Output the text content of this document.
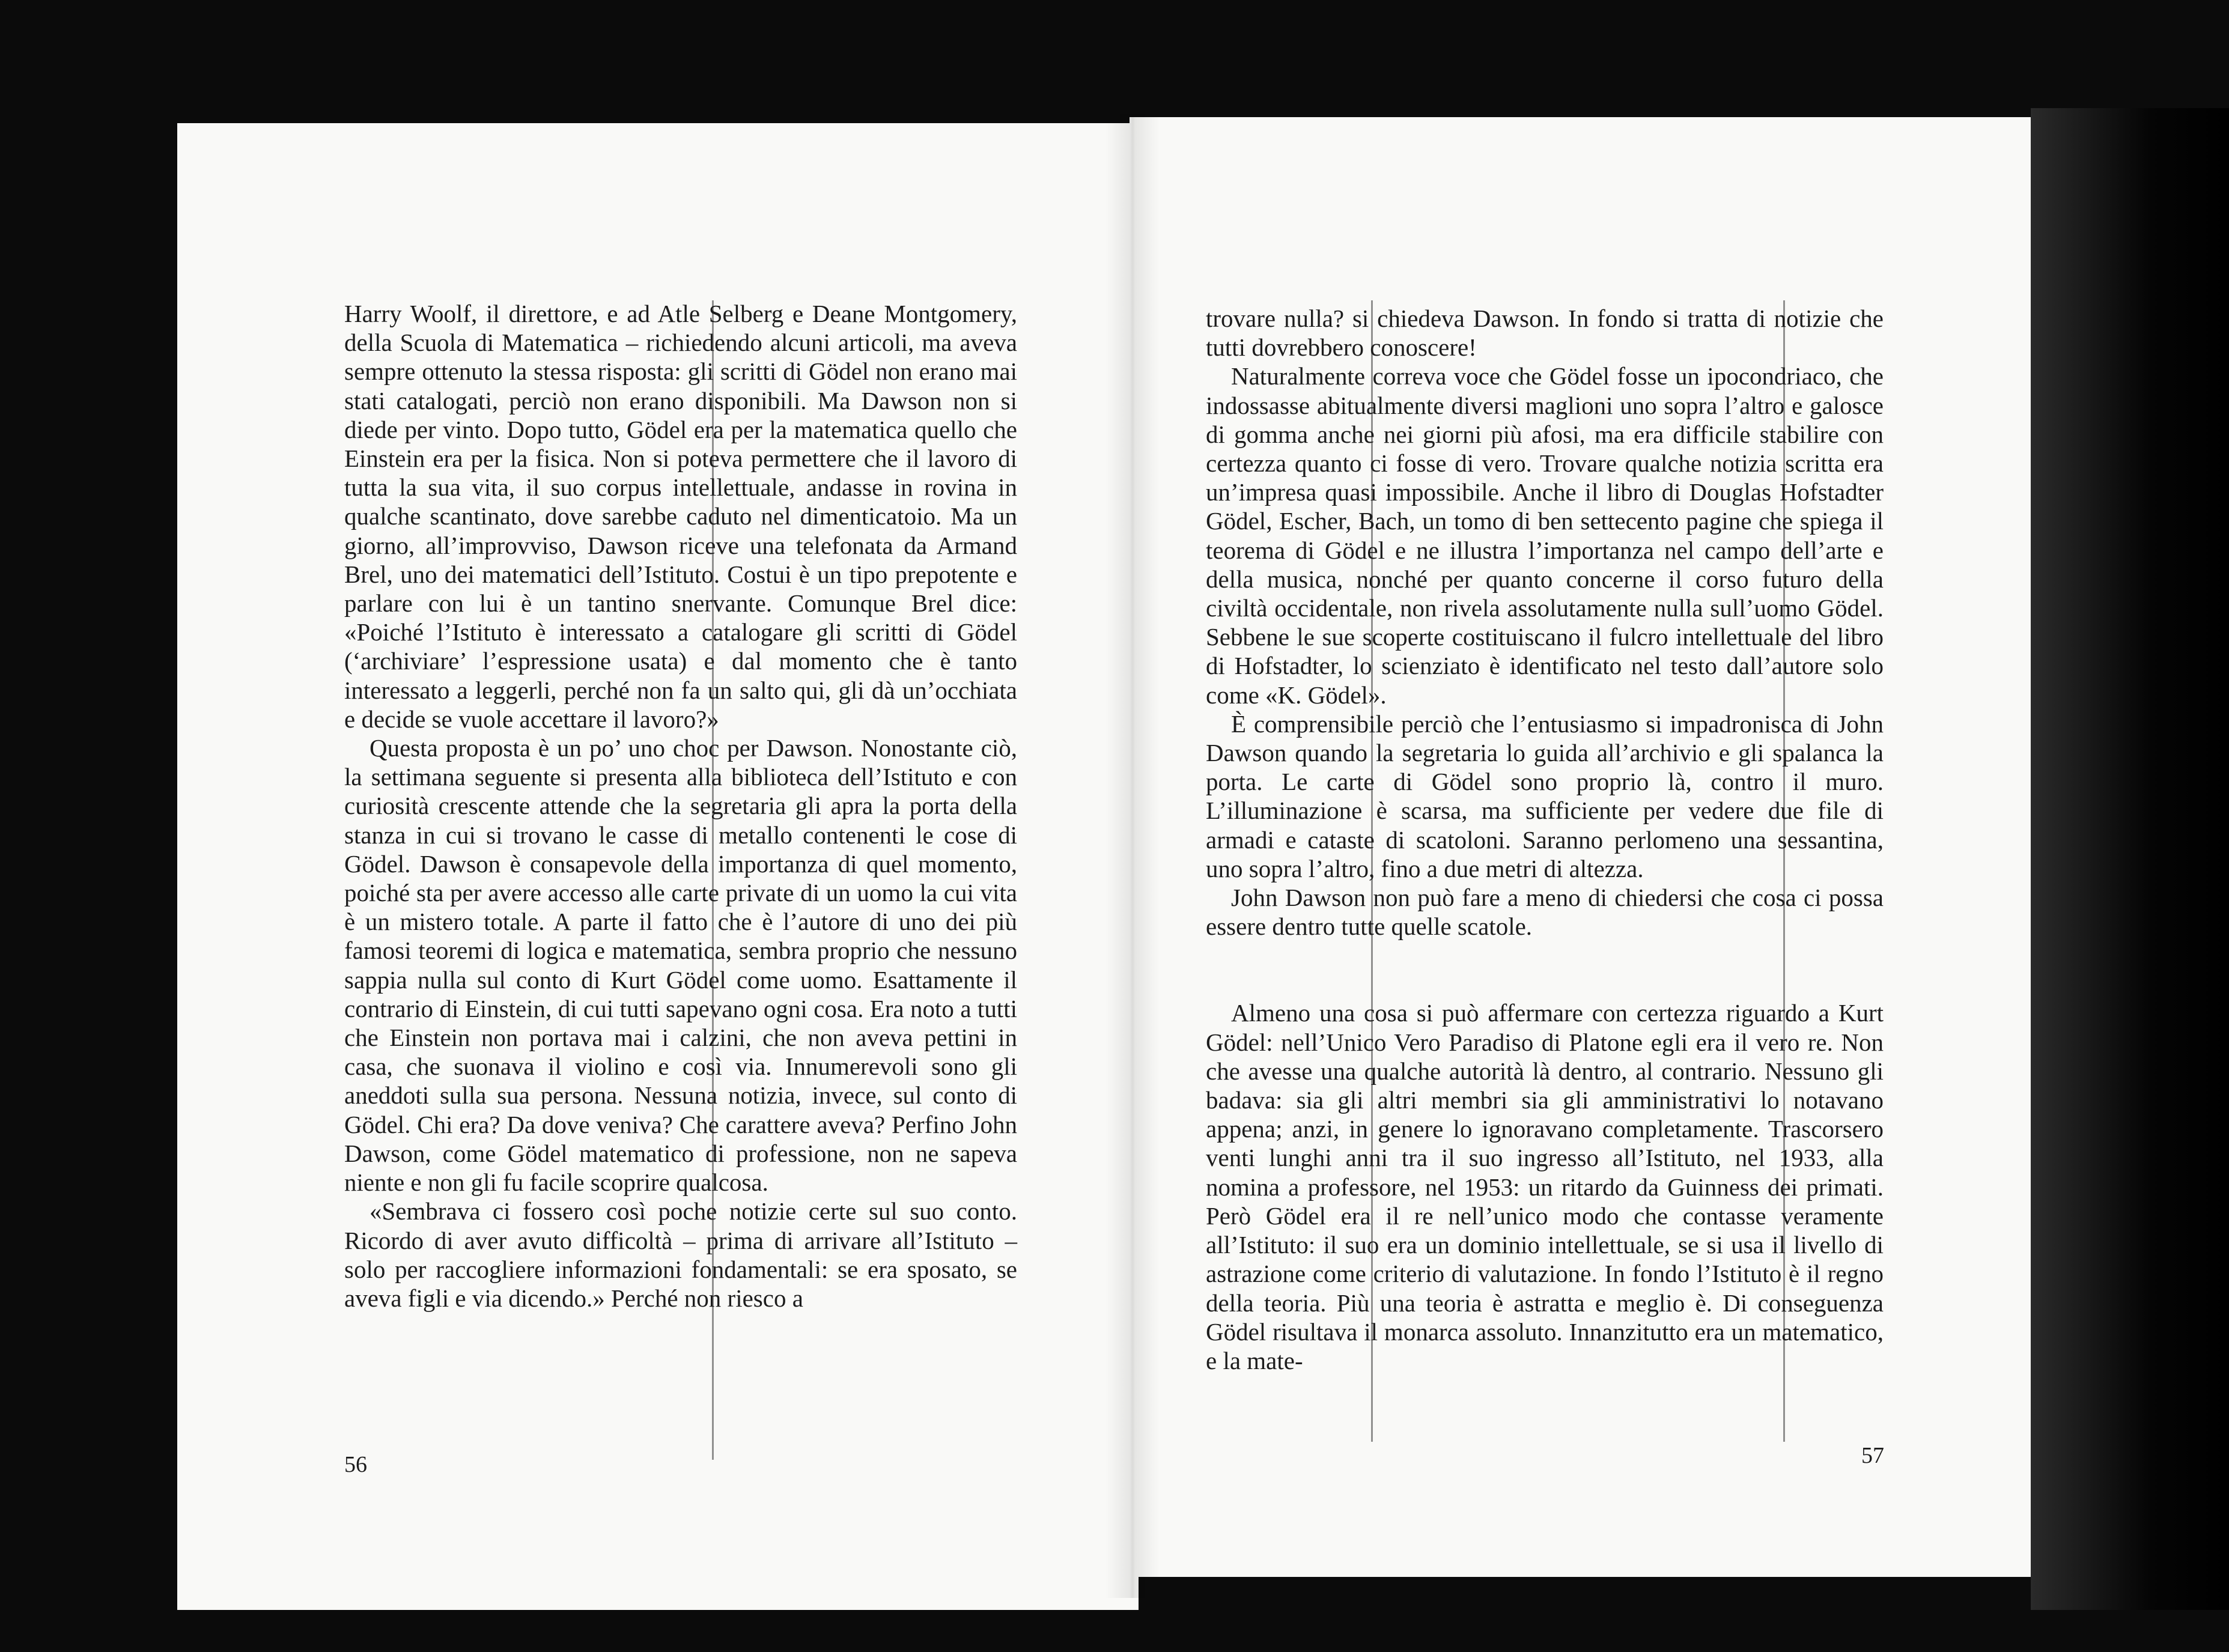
Harry Woolf, il direttore, e ad Atle Selberg e Deane Montgomery, della Scuola di Matematica – richiedendo alcuni articoli, ma aveva sempre ottenuto la stessa risposta: gli scritti di Gödel non erano mai stati catalogati, perciò non erano disponibili. Ma Dawson non si diede per vinto. Dopo tutto, Gödel era per la matematica quello che Einstein era per la fisica. Non si poteva permettere che il lavoro di tutta la sua vita, il suo corpus intellettuale, andasse in rovina in qualche scantinato, dove sarebbe caduto nel dimenticatoio. Ma un giorno, all’improvviso, Dawson riceve una telefonata da Armand Brel, uno dei matematici dell’Istituto. Costui è un tipo prepotente e parlare con lui è un tantino snervante. Comunque Brel dice: «Poiché l’Istituto è interessato a catalogare gli scritti di Gödel (‘archiviare’ l’espressione usata) e dal momento che è tanto interessato a leggerli, perché non fa un salto qui, gli dà un’occhiata e decide se vuole accettare il lavoro?»

Questa proposta è un po’ uno choc per Dawson. Nonostante ciò, la settimana seguente si presenta alla biblioteca dell’Istituto e con curiosità crescente attende che la segretaria gli apra la porta della stanza in cui si trovano le casse di metallo contenenti le cose di Gödel. Dawson è consapevole della importanza di quel momento, poiché sta per avere accesso alle carte private di un uomo la cui vita è un mistero totale. A parte il fatto che è l’autore di uno dei più famosi teoremi di logica e matematica, sembra proprio che nessuno sappia nulla sul conto di Kurt Gödel come uomo. Esattamente il contrario di Einstein, di cui tutti sapevano ogni cosa. Era noto a tutti che Einstein non portava mai i calzini, che non aveva pettini in casa, che suonava il violino e così via. Innumerevoli sono gli aneddoti sulla sua persona. Nessuna notizia, invece, sul conto di Gödel. Chi era? Da dove veniva? Che carattere aveva? Perfino John Dawson, come Gödel matematico di professione, non ne sapeva niente e non gli fu facile scoprire qualcosa.

«Sembrava ci fossero così poche notizie certe sul suo conto. Ricordo di aver avuto difficoltà – prima di arrivare all’Istituto – solo per raccogliere informazioni fondamentali: se era sposato, se aveva figli e via dicendo.» Perché non riesco a

56

trovare nulla? si chiedeva Dawson. In fondo si tratta di notizie che tutti dovrebbero conoscere!

Naturalmente correva voce che Gödel fosse un ipocondriaco, che indossasse abitualmente diversi maglioni uno sopra l’altro e galosce di gomma anche nei giorni più afosi, ma era difficile stabilire con certezza quanto ci fosse di vero. Trovare qualche notizia scritta era un’impresa quasi impossibile. Anche il libro di Douglas Hofstadter Gödel, Escher, Bach, un tomo di ben settecento pagine che spiega il teorema di Gödel e ne illustra l’importanza nel campo dell’arte e della musica, nonché per quanto concerne il corso futuro della civiltà occidentale, non rivela assolutamente nulla sull’uomo Gödel. Sebbene le sue scoperte costituiscano il fulcro intellettuale del libro di Hofstadter, lo scienziato è identificato nel testo dall’autore solo come «K. Gödel».

È comprensibile perciò che l’entusiasmo si impadronisca di John Dawson quando la segretaria lo guida all’archivio e gli spalanca la porta. Le carte di Gödel sono proprio là, contro il muro. L’illuminazione è scarsa, ma sufficiente per vedere due file di armadi e cataste di scatoloni. Saranno perlomeno una sessantina, uno sopra l’altro, fino a due metri di altezza.

John Dawson non può fare a meno di chiedersi che cosa ci possa essere dentro tutte quelle scatole.

Almeno una cosa si può affermare con certezza riguardo a Kurt Gödel: nell’Unico Vero Paradiso di Platone egli era il vero re. Non che avesse una qualche autorità là dentro, al contrario. Nessuno gli badava: sia gli altri membri sia gli amministrativi lo notavano appena; anzi, in genere lo ignoravano completamente. Trascorsero venti lunghi anni tra il suo ingresso all’Istituto, nel 1933, alla nomina a professore, nel 1953: un ritardo da Guinness dei primati. Però Gödel era il re nell’unico modo che contasse veramente all’Istituto: il suo era un dominio intellettuale, se si usa il livello di astrazione come criterio di valutazione. In fondo l’Istituto è il regno della teoria. Più una teoria è astratta e meglio è. Di conseguenza Gödel risultava il monarca assoluto. Innanzitutto era un matematico, e la mate-

57
